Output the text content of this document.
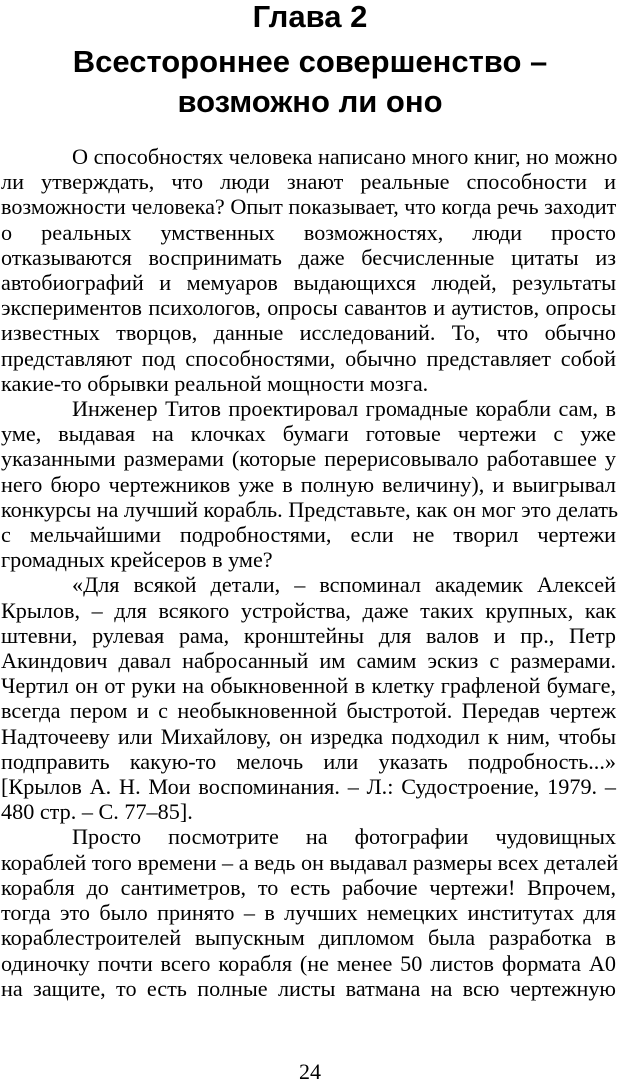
Глава 2
Всестороннее совершенство –
возможно ли оно

О способностях человека написано много книг, но можно
ли утверждать, что люди знают реальные способности и
возможности человека? Опыт показывает, что когда речь заходит
о реальных умственных возможностях, люди просто
отказываются воспринимать даже бесчисленные цитаты из
автобиографий и мемуаров выдающихся людей, результаты
экспериментов психологов, опросы савантов и аутистов, опросы
известных творцов, данные исследований. То, что обычно
представляют под способностями, обычно представляет собой
какие-то обрывки реальной мощности мозга.

Инженер Титов проектировал громадные корабли сам, в
уме, выдавая на клочках бумаги готовые чертежи с уже
указанными размерами (которые перерисовывало работавшее у
него бюро чертежников уже в полную величину), и выигрывал
конкурсы на лучший корабль. Представьте, как он мог это делать
с мельчайшими подробностями, если не творил чертежи
громадных крейсеров в уме?

«Для всякой детали, – вспоминал академик Алексей
Крылов, – для всякого устройства, даже таких крупных, как
штевни, рулевая рама, кронштейны для валов и пр., Петр
Акиндович давал набросанный им самим эскиз с размерами.
Чертил он от руки на обыкновенной в клетку графленой бумаге,
всегда пером и с необыкновенной быстротой. Передав чертеж
Надточееву или Михайлову, он изредка подходил к ним, чтобы
подправить какую-то мелочь или указать подробность...»
[Крылов А. Н. Мои воспоминания. – Л.: Судостроение, 1979. –
480 стр. – С. 77–85].

Просто посмотрите на фотографии чудовищных
кораблей того времени – а ведь он выдавал размеры всех деталей
корабля до сантиметров, то есть рабочие чертежи! Впрочем,
тогда это было принято – в лучших немецких институтах для
кораблестроителей выпускным дипломом была разработка в
одиночку почти всего корабля (не менее 50 листов формата А0
на защите, то есть полные листы ватмана на всю чертежную

24
